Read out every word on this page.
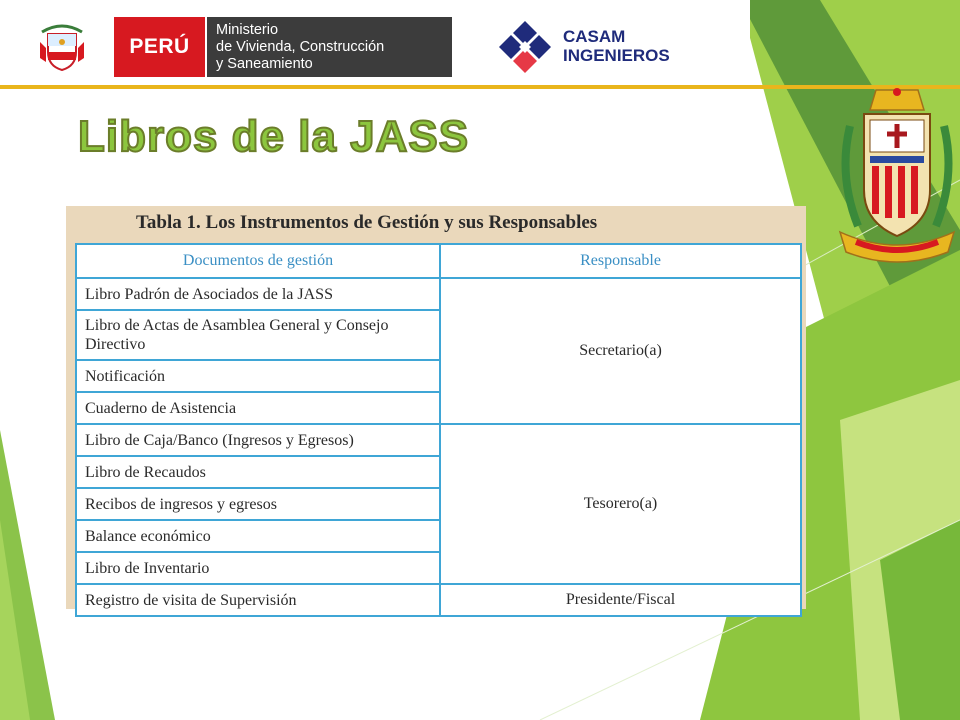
PERÚ
Ministerio
de Vivienda, Construcción
y Saneamiento
CASAM
INGENIEROS
Libros de la JASS
Tabla 1. Los Instrumentos de Gestión y sus Responsables
Documentos de gestión	Responsable
Libro Padrón de Asociados de la JASS	Secretario(a)
Libro de Actas de Asamblea General y Consejo Directivo	
Notificación	
Cuaderno de Asistencia	
Libro de Caja/Banco (Ingresos y Egresos)	Tesorero(a)
Libro de Recaudos	
Recibos de ingresos y egresos	
Balance económico	
Libro de Inventario	
Registro de visita de Supervisión	Presidente/Fiscal
